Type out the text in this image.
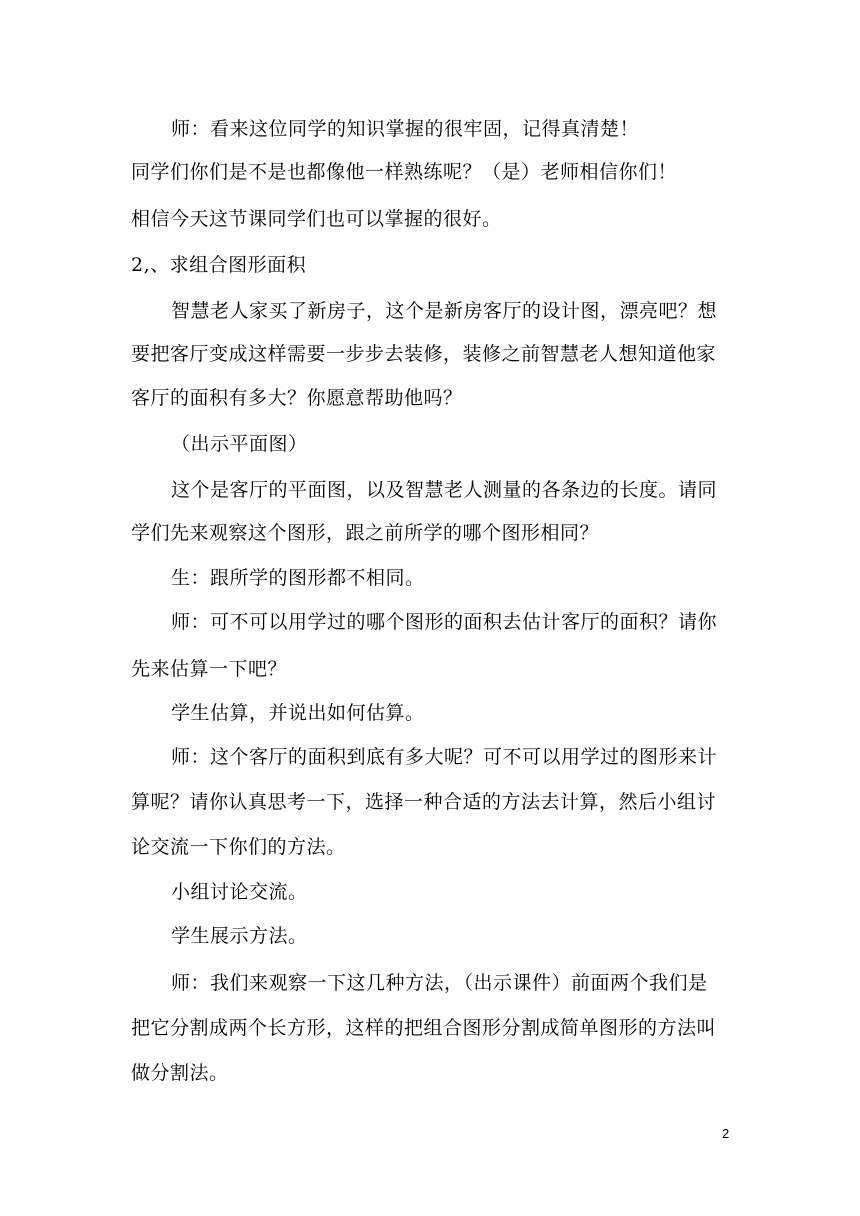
师：看来这位同学的知识掌握的很牢固，记得真清楚！
同学们你们是不是也都像他一样熟练呢？（是）老师相信你们！
相信今天这节课同学们也可以掌握的很好。
2,、求组合图形面积
智慧老人家买了新房子，这个是新房客厅的设计图，漂亮吧？想
要把客厅变成这样需要一步步去装修，装修之前智慧老人想知道他家
客厅的面积有多大？你愿意帮助他吗？
（出示平面图）
这个是客厅的平面图，以及智慧老人测量的各条边的长度。请同
学们先来观察这个图形，跟之前所学的哪个图形相同？
生：跟所学的图形都不相同。
师：可不可以用学过的哪个图形的面积去估计客厅的面积？请你
先来估算一下吧？
学生估算，并说出如何估算。
师：这个客厅的面积到底有多大呢？可不可以用学过的图形来计
算呢？请你认真思考一下，选择一种合适的方法去计算，然后小组讨
论交流一下你们的方法。
小组讨论交流。
学生展示方法。
师：我们来观察一下这几种方法，（出示课件）前面两个我们是
把它分割成两个长方形，这样的把组合图形分割成简单图形的方法叫
做分割法。
2
